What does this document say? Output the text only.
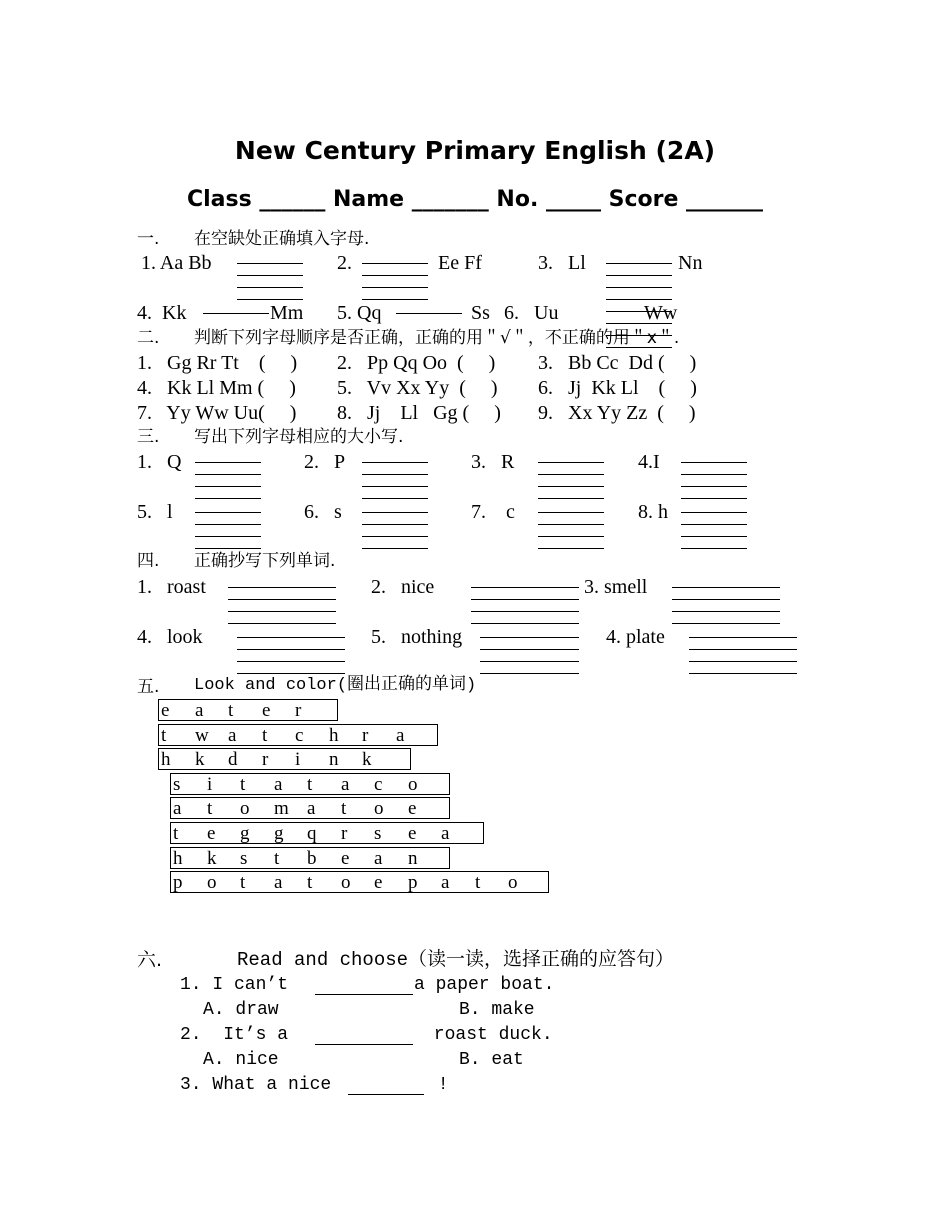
New Century Primary English (2A)
Class ______ Name _______ No. _____ Score _______
一. 在空缺处正确填入字母.
1. Aa Bb	2.	Ee Ff	3.   Ll	Nn
4.  Kk	Mm 5. Qq	Ss 6.   Uu	Ww
二. 判断下列字母顺序是否正确，正确的用＂√＂，不正确的用＂x＂.
1.   Gg Rr Tt    (     ) 2.   Pp Qq Oo  (     ) 3.   Bb Cc  Dd (     )
4.   Kk Ll Mm (     ) 5.   Vv Xx Yy  (     ) 6.   Jj  Kk Ll    (     )
7.   Yy Ww Uu(     ) 8.   Jj    Ll   Gg (     ) 9.   Xx Yy Zz  (     )
三. 写出下列字母相应的大小写.
1.   Q	2.   P	3.   R	4.I
5.   l	6.   s	7.    c	8. h
四. 正确抄写下列单词.
1.   roast	2.   nice	3. smell
4.   look	5.   nothing	4. plate
五. Look and color(圈出正确的单词)
e a t e r
t w a t c h r a
h k d r i n k
s i t a t a c o
a t o m a t o e
t e g g q r s e a
h k s t b e a n
p o t a t o e p a t o
六.	Read and choose（读一读，选择正确的应答句）
1. I can’t	a paper boat.
A. draw	B. make
2.  It’s a	roast duck.
A. nice	B. eat
3. What a nice	!
